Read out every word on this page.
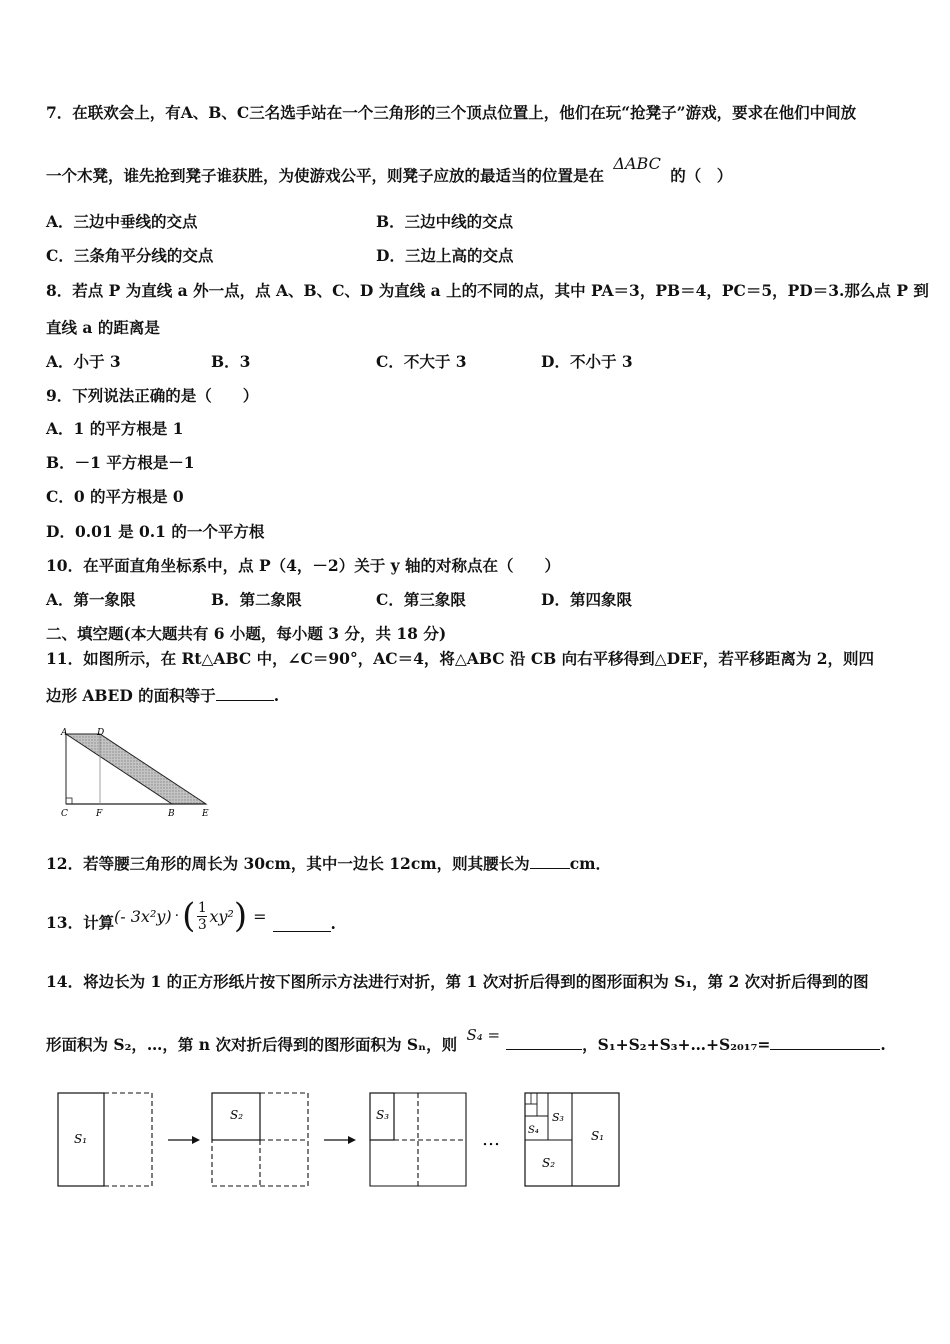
7．在联欢会上，有A、B、C三名选手站在一个三角形的三个顶点位置上，他们在玩“抢凳子”游戏，要求在他们中间放
一个木凳，谁先抢到凳子谁获胜，为使游戏公平，则凳子应放的最适当的位置是在 ΔABC 的（　）
A．三边中垂线的交点	B．三边中线的交点
C．三条角平分线的交点	D．三边上高的交点
8．若点 P 为直线 a 外一点，点 A、B、C、D 为直线 a 上的不同的点，其中 PA＝3，PB＝4，PC＝5，PD＝3.那么点 P 到
直线 a 的距离是
A．小于 3	B．3	C．不大于 3	D．不小于 3
9．下列说法正确的是（　　）
A．1 的平方根是 1
B．－1 平方根是－1
C．0 的平方根是 0
D．0.01 是 0.1 的一个平方根
10．在平面直角坐标系中，点 P（4，－2）关于 y 轴的对称点在（　　）
A．第一象限	B．第二象限	C．第三象限	D．第四象限
二、填空题(本大题共有 6 小题，每小题 3 分，共 18 分)
11．如图所示，在 Rt△ABC 中，∠C＝90°，AC＝4，将△ABC 沿 CB 向右平移得到△DEF，若平移距离为 2，则四
边形 ABED 的面积等于	.
A	D
C	F	B	E
12．若等腰三角形的周长为 30cm，其中一边长 12cm，则其腰长为	cm．
13．计算 (- 3x²y) · ( 1
3 xy² ) =	.
14．将边长为 1 的正方形纸片按下图所示方法进行对折，第 1 次对折后得到的图形面积为 S₁，第 2 次对折后得到的图
形面积为 S₂，…，第 n 次对折后得到的图形面积为 Sₙ，则 S₄ =	，S₁+S₂+S₃+…+S₂₀₁₇=	.
S₁
S₂	S₃
…	S₁
S₂
S₃
S₄
